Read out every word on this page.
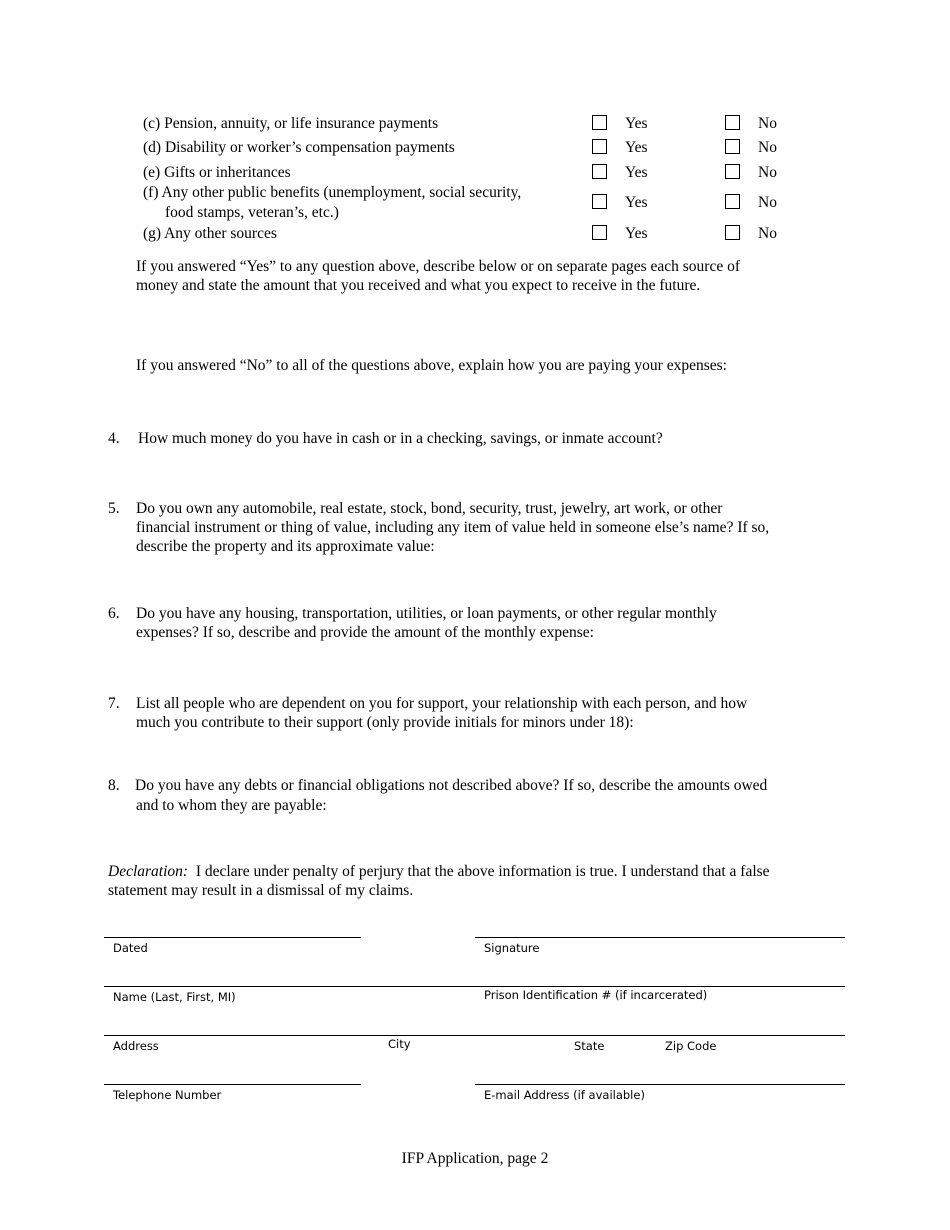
(c) Pension, annuity, or life insurance payments	Yes	No
(d) Disability or worker’s compensation payments	Yes	No
(e) Gifts or inheritances	Yes	No
(f) Any other public benefits (unemployment, social security,
food stamps, veteran’s, etc.)
Yes	No
(g) Any other sources	Yes	No
If you answered “Yes” to any question above, describe below or on separate pages each source of
money and state the amount that you received and what you expect to receive in the future.
If you answered “No” to all of the questions above, explain how you are paying your expenses:
4. How much money do you have in cash or in a checking, savings, or inmate account?
5. Do you own any automobile, real estate, stock, bond, security, trust, jewelry, art work, or other
financial instrument or thing of value, including any item of value held in someone else’s name? If so,
describe the property and its approximate value:
6. Do you have any housing, transportation, utilities, or loan payments, or other regular monthly
expenses? If so, describe and provide the amount of the monthly expense:
7. List all people who are dependent on you for support, your relationship with each person, and how
much you contribute to their support (only provide initials for minors under 18):
8. Do you have any debts or financial obligations not described above? If so, describe the amounts owed
and to whom they are payable:
Declaration: I declare under penalty of perjury that the above information is true. I understand that a false
statement may result in a dismissal of my claims.
Dated	Signature
Name (Last, First, MI)	Prison Identification # (if incarcerated)
Address	City	State	Zip Code
Telephone Number	E-mail Address (if available)
IFP Application, page 2
